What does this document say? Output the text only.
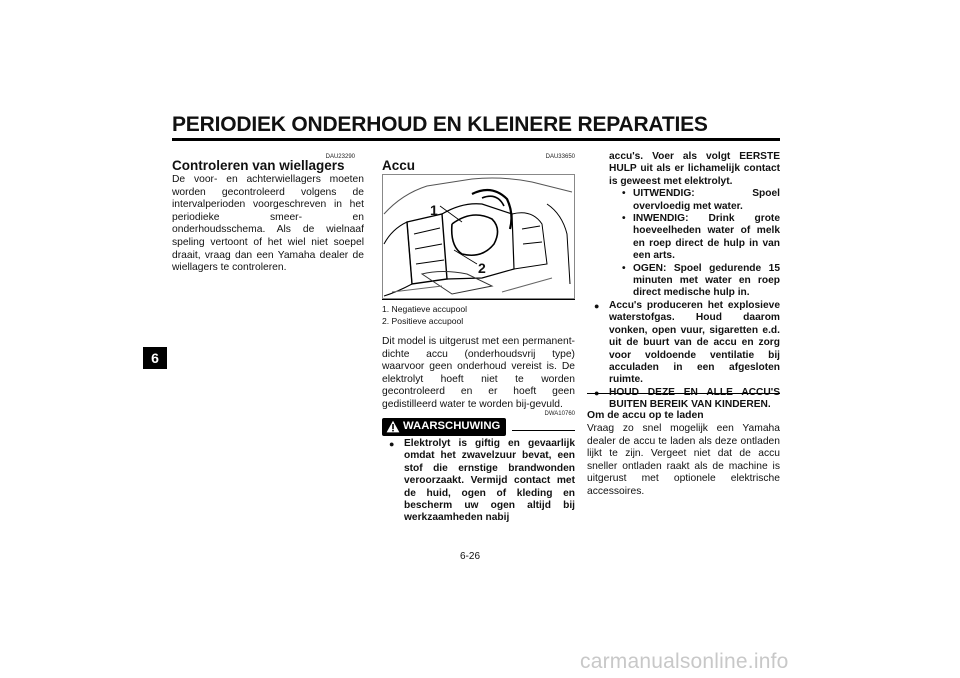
PERIODIEK ONDERHOUD EN KLEINERE REPARATIES
6
DAU23290
Controleren van wiellagers
De voor- en achterwiellagers moeten worden gecontroleerd volgens de intervalperioden voorgeschreven in het periodieke smeer- en onderhoudsschema. Als de wielnaaf speling vertoont of het wiel niet soepel draait, vraag dan een Yamaha dealer de wiellagers te controleren.
DAU33650
Accu
1
2
1. Negatieve accupool
2. Positieve accupool
Dit model is uitgerust met een permanent-dichte accu (onderhoudsvrij type) waarvoor geen onderhoud vereist is. De elektrolyt hoeft niet te worden gecontroleerd en er hoeft geen gedistilleerd water te worden bij-gevuld.
DWA10760
WAARSCHUWING
● Elektrolyt is giftig en gevaarlijk omdat het zwavelzuur bevat, een stof die ernstige brandwonden veroorzaakt. Vermijd contact met de huid, ogen of kleding en bescherm uw ogen altijd bij werkzaamheden nabij
accu's. Voer als volgt EERSTE HULP uit als er lichamelijk contact is geweest met elektrolyt.
• UITWENDIG: Spoel overvloedig met water.
• INWENDIG: Drink grote hoeveelheden water of melk en roep direct de hulp in van een arts.
• OGEN: Spoel gedurende 15 minuten met water en roep direct medische hulp in.
● Accu's produceren het explosieve waterstofgas. Houd daarom vonken, open vuur, sigaretten e.d. uit de buurt van de accu en zorg voor voldoende ventilatie bij acculaden in een afgesloten ruimte.
BUITEN BEREIK VAN KINDEREN.
Om de accu op te laden
Vraag zo snel mogelijk een Yamaha dealer de accu te laden als deze ontladen lijkt te zijn. Vergeet niet dat de accu sneller ontladen raakt als de machine is uitgerust met optionele elektrische accessoires.
6-26
carmanualsonline.info
